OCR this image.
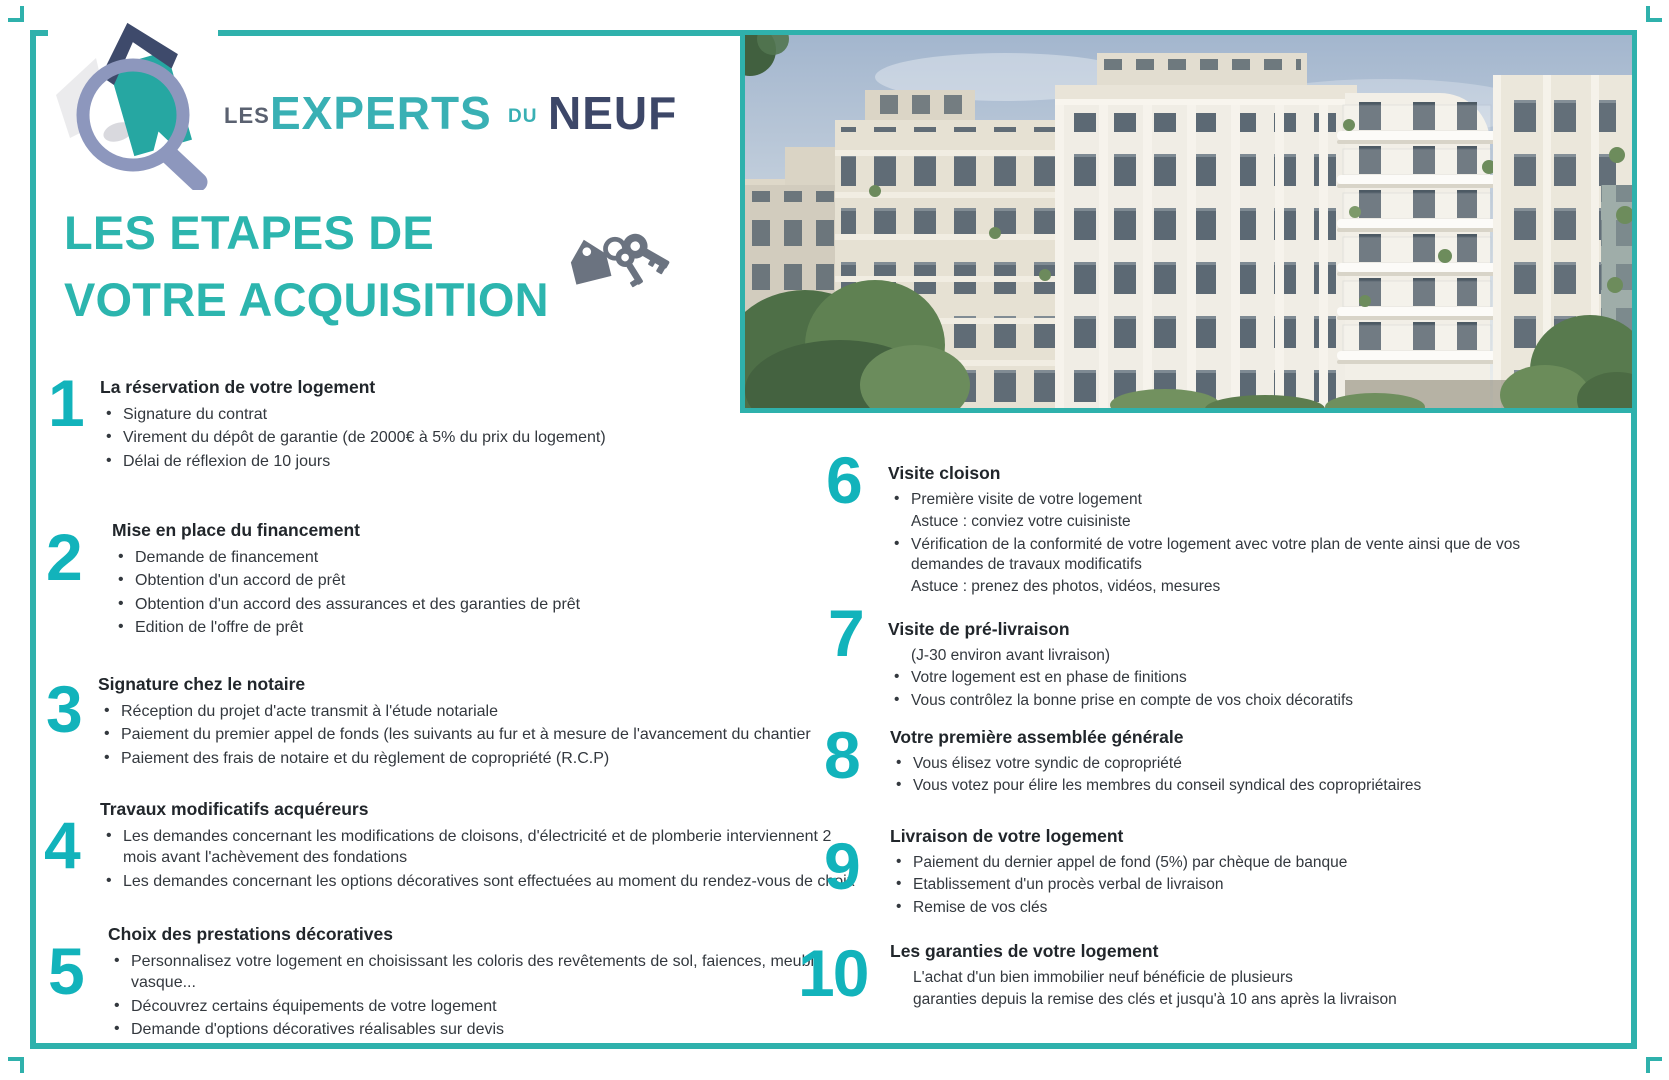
LES EXPERTS DU NEUF
LES ETAPES DE
VOTRE ACQUISITION
1 La réservation de votre logement
• Signature du contrat
• Virement du dépôt de garantie (de 2000€ à 5% du prix du logement)
• Délai de réflexion de 10 jours
2 Mise en place du financement
• Demande de financement
• Obtention d'un accord de prêt
• Obtention d'un accord des assurances et des garanties de prêt
• Edition de l'offre de prêt
3 Signature chez le notaire
• Réception du projet d'acte transmit à l'étude notariale
• Paiement du premier appel de fonds (les suivants au fur et à mesure de l'avancement du chantier
• Paiement des frais de notaire et du règlement de copropriété (R.C.P)
4 Travaux modificatifs acquéreurs
• Les demandes concernant les modifications de cloisons, d'électricité et de plomberie interviennent 2 mois avant l'achèvement des fondations
• Les demandes concernant les options décoratives sont effectuées au moment du rendez-vous de choix
5 Choix des prestations décoratives
• Personnalisez votre logement en choisissant les coloris des revêtements de sol, faiences, meuble vasque...
• Découvrez certains équipements de votre logement
• Demande d'options décoratives réalisables sur devis
6 Visite cloison
• Première visite de votre logement
Astuce : conviez votre cuisiniste
• Vérification de la conformité de votre logement avec votre plan de vente ainsi que de vos demandes de travaux modificatifs
Astuce : prenez des photos, vidéos, mesures
7 Visite de pré-livraison
(J-30 environ avant livraison)
• Votre logement est en phase de finitions
• Vous contrôlez la bonne prise en compte de vos choix décoratifs
8 Votre première assemblée générale
• Vous élisez votre syndic de copropriété
• Vous votez pour élire les membres du conseil syndical des copropriétaires
9 Livraison de votre logement
• Paiement du dernier appel de fond (5%) par chèque de banque
• Etablissement d'un procès verbal de livraison
• Remise de vos clés
10 Les garanties de votre logement
L'achat d'un bien immobilier neuf bénéficie de plusieurs
garanties depuis la remise des clés et jusqu'à 10 ans après la livraison
